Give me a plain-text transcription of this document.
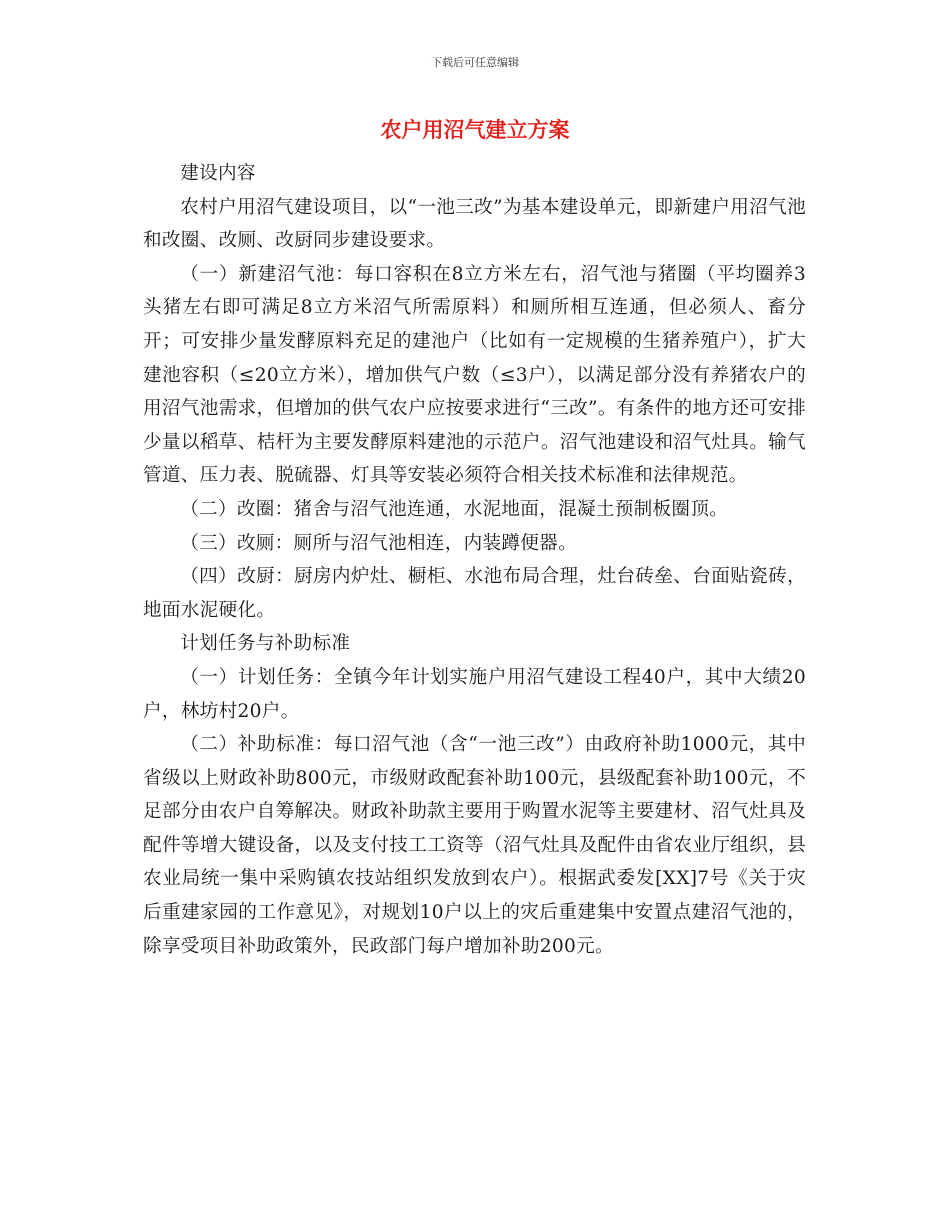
下载后可任意编辑
农户用沼气建立方案

建设内容

农村户用沼气建设项目，以“一池三改”为基本建设单元，即新建户用沼气池和改圈、改厕、改厨同步建设要求。

（一）新建沼气池：每口容积在8立方米左右，沼气池与猪圈（平均圈养3头猪左右即可满足8立方米沼气所需原料）和厕所相互连通，但必须人、畜分开；可安排少量发酵原料充足的建池户（比如有一定规模的生猪养殖户），扩大建池容积（≤20立方米），增加供气户数（≤3户），以满足部分没有养猪农户的用沼气池需求，但增加的供气农户应按要求进行“三改”。有条件的地方还可安排少量以稻草、桔杆为主要发酵原料建池的示范户。沼气池建设和沼气灶具。输气管道、压力表、脱硫器、灯具等安装必须符合相关技术标准和法律规范。

（二）改圈：猪舍与沼气池连通，水泥地面，混凝土预制板圈顶。

（三）改厕：厕所与沼气池相连，内装蹲便器。

（四）改厨：厨房内炉灶、橱柜、水池布局合理，灶台砖垒、台面贴瓷砖，地面水泥硬化。

计划任务与补助标准

（一）计划任务：全镇今年计划实施户用沼气建设工程40户，其中大绩20户，林坊村20户。

（二）补助标准：每口沼气池（含“一池三改”）由政府补助1000元，其中省级以上财政补助800元，市级财政配套补助100元，县级配套补助100元，不足部分由农户自筹解决。财政补助款主要用于购置水泥等主要建材、沼气灶具及配件等增大键设备，以及支付技工工资等（沼气灶具及配件由省农业厅组织，县农业局统一集中采购镇农技站组织发放到农户）。根据武委发[XX]7号《关于灾后重建家园的工作意见》，对规划10户以上的灾后重建集中安置点建沼气池的，除享受项目补助政策外，民政部门每户增加补助200元。
